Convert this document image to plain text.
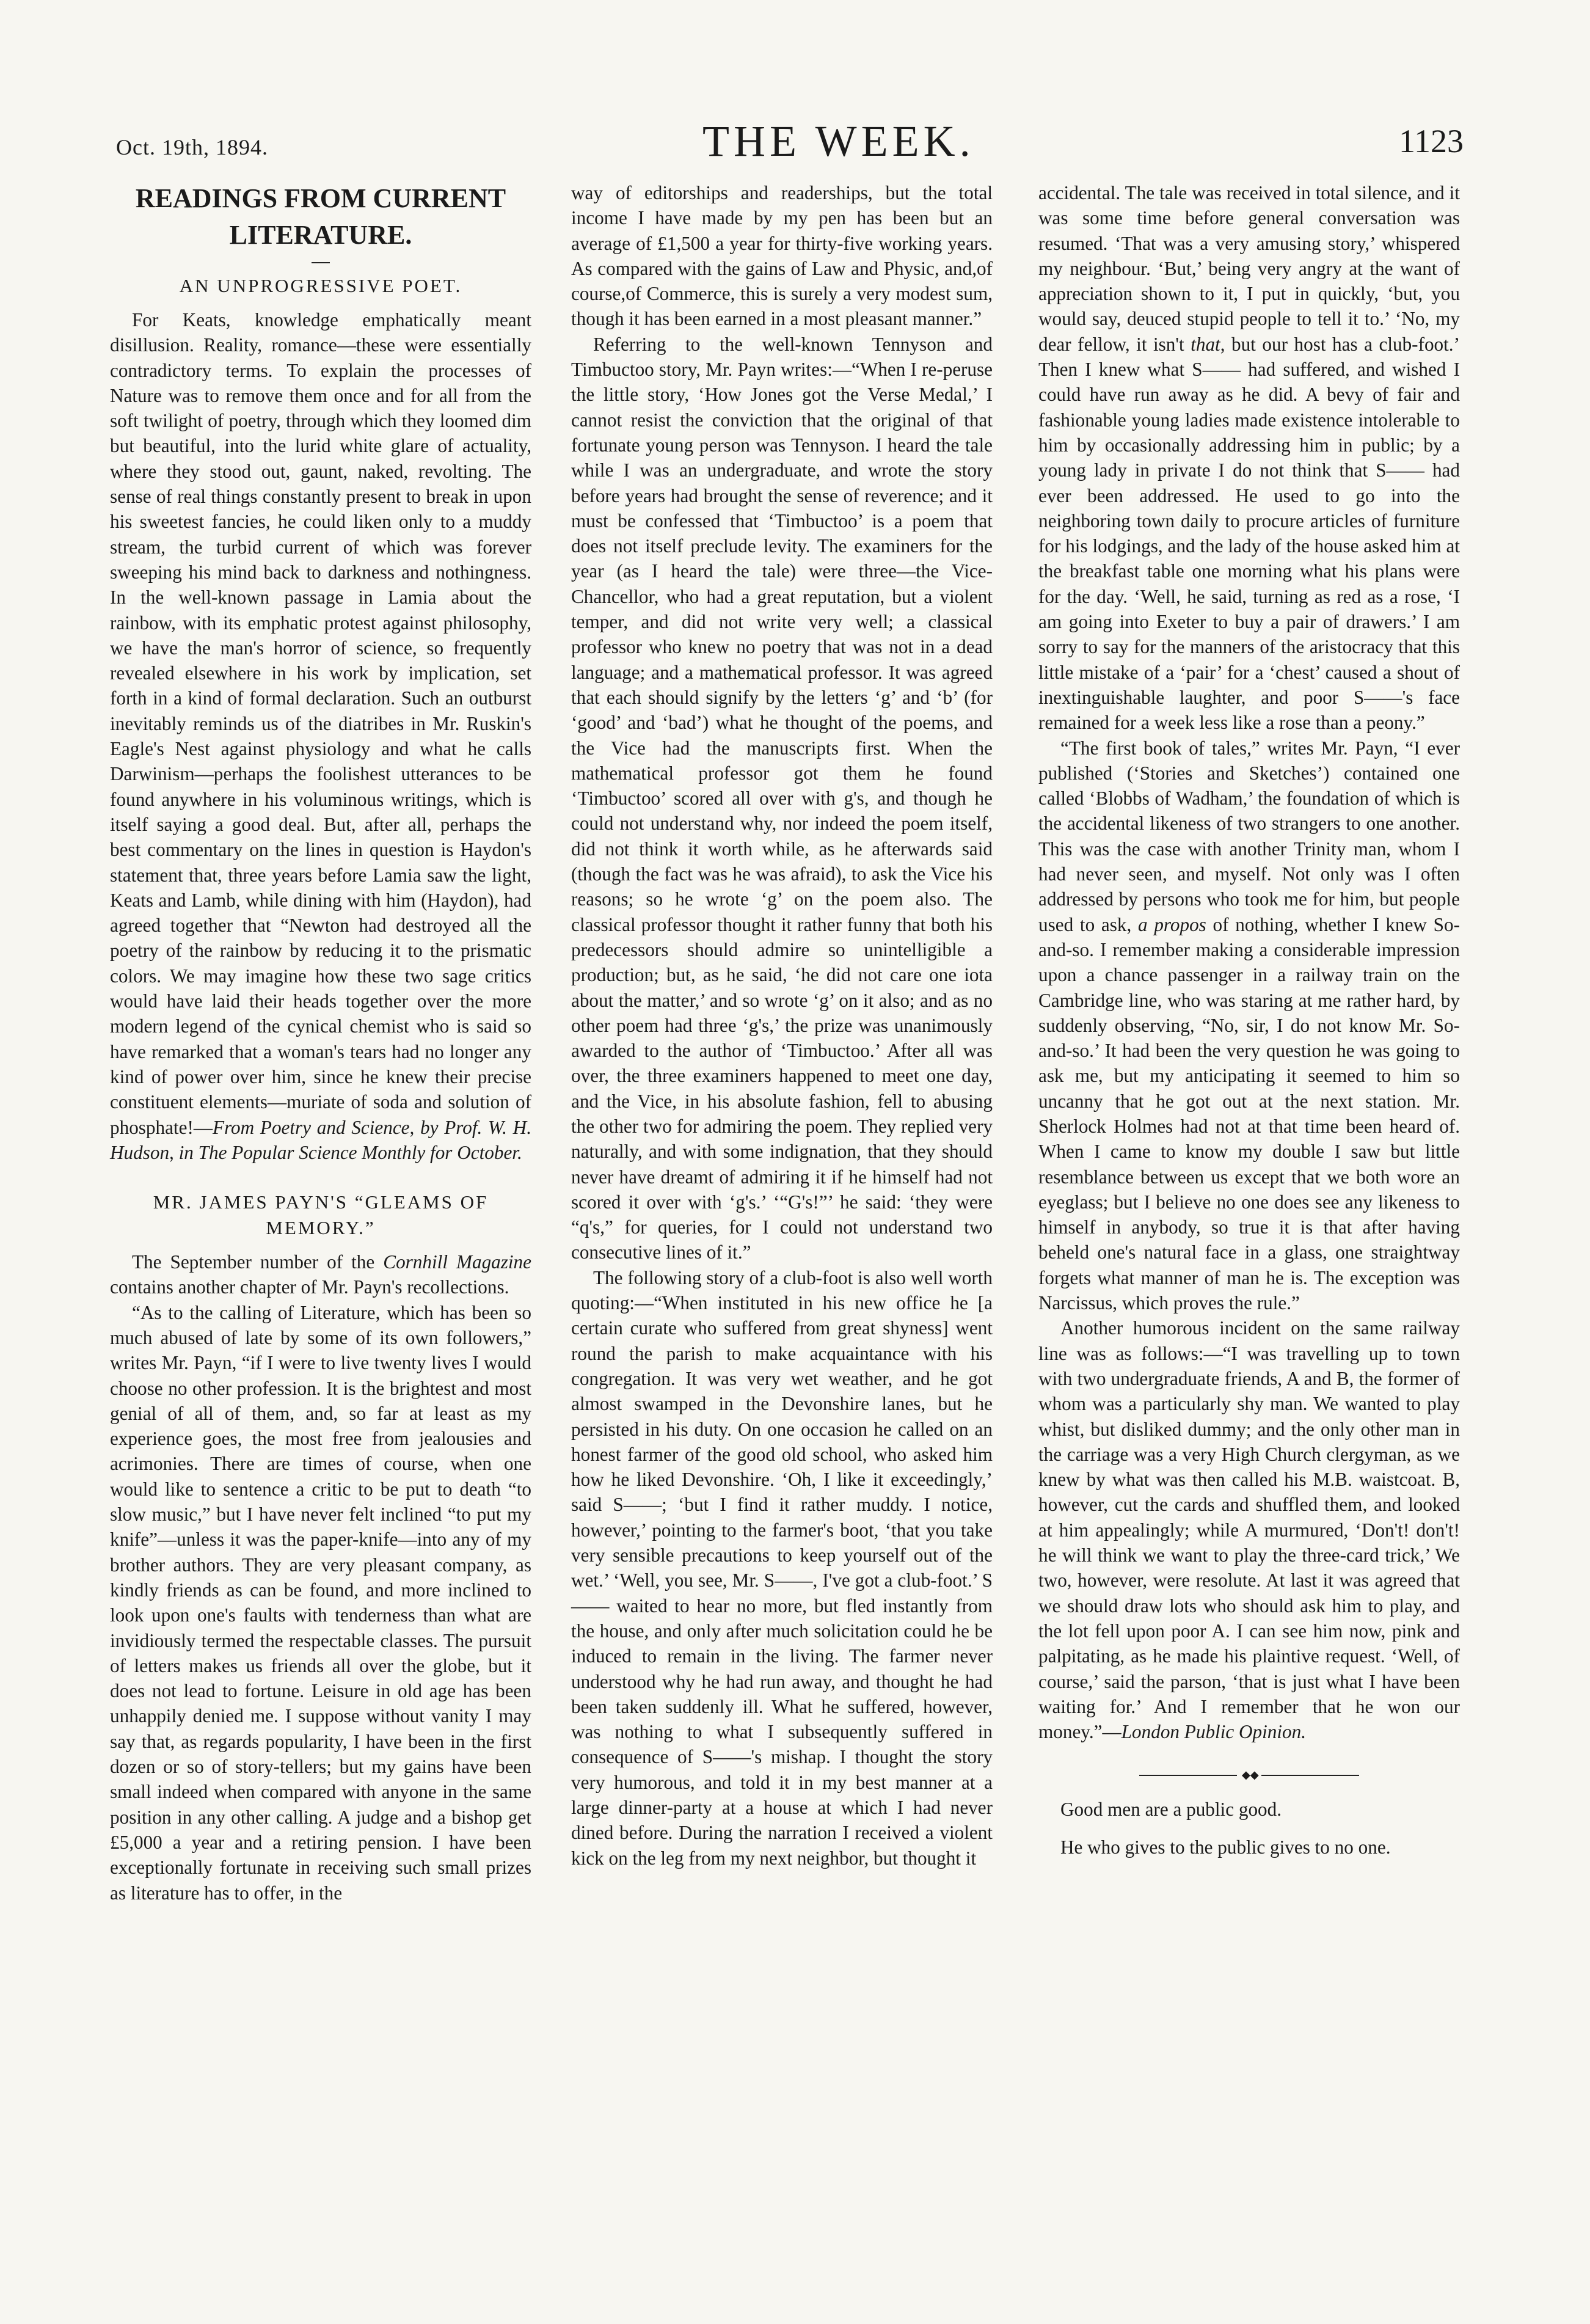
Oct. 19th, 1894.	THE WEEK.	1123
READINGS FROM CURRENT LITERATURE.
AN UNPROGRESSIVE POET.

For Keats, knowledge emphatically meant disillusion. Reality, romance—these were essentially contradictory terms. To explain the processes of Nature was to remove them once and for all from the soft twilight of poetry, through which they loomed dim but beautiful, into the lurid white glare of actuality, where they stood out, gaunt, naked, revolting. The sense of real things constantly present to break in upon his sweetest fancies, he could liken only to a muddy stream, the turbid current of which was forever sweeping his mind back to darkness and nothingness. In the well-known passage in Lamia about the rainbow, with its emphatic protest against philosophy, we have the man's horror of science, so frequently revealed elsewhere in his work by implication, set forth in a kind of formal declaration. Such an outburst inevitably reminds us of the diatribes in Mr. Ruskin's Eagle's Nest against physiology and what he calls Darwinism—perhaps the foolishest utterances to be found anywhere in his voluminous writings, which is itself saying a good deal. But, after all, perhaps the best commentary on the lines in question is Haydon's statement that, three years before Lamia saw the light, Keats and Lamb, while dining with him (Haydon), had agreed together that “Newton had destroyed all the poetry of the rainbow by reducing it to the prismatic colors. We may imagine how these two sage critics would have laid their heads together over the more modern legend of the cynical chemist who is said so have remarked that a woman's tears had no longer any kind of power over him, since he knew their precise constituent elements—muriate of soda and solution of phosphate!—From Poetry and Science, by Prof. W. H. Hudson, in The Popular Science Monthly for October.

MR. JAMES PAYN'S “GLEAMS OF MEMORY.”

The September number of the Cornhill Magazine contains another chapter of Mr. Payn's recollections.

“As to the calling of Literature, which has been so much abused of late by some of its own followers,” writes Mr. Payn, “if I were to live twenty lives I would choose no other profession. It is the brightest and most genial of all of them, and, so far at least as my experience goes, the most free from jealousies and acrimonies. There are times of course, when one would like to sentence a critic to be put to death “to slow music,” but I have never felt inclined “to put my knife”—unless it was the paper-knife—into any of my brother authors. They are very pleasant company, as kindly friends as can be found, and more inclined to look upon one's faults with tenderness than what are invidiously termed the respectable classes. The pursuit of letters makes us friends all over the globe, but it does not lead to fortune. Leisure in old age has been unhappily denied me. I suppose without vanity I may say that, as regards popularity, I have been in the first dozen or so of story-tellers; but my gains have been small indeed when compared with anyone in the same position in any other calling. A judge and a bishop get £5,000 a year and a retiring pension. I have been exceptionally fortunate in receiving such small prizes as literature has to offer, in the

way of editorships and readerships, but the total income I have made by my pen has been but an average of £1,500 a year for thirty-five working years. As compared with the gains of Law and Physic, and,of course,of Commerce, this is surely a very modest sum, though it has been earned in a most pleasant manner.”

Referring to the well-known Tennyson and Timbuctoo story, Mr. Payn writes:—“When I re-peruse the little story, ‘How Jones got the Verse Medal,’ I cannot resist the conviction that the original of that fortunate young person was Tennyson. I heard the tale while I was an undergraduate, and wrote the story before years had brought the sense of reverence; and it must be confessed that ‘Timbuctoo’ is a poem that does not itself preclude levity. The examiners for the year (as I heard the tale) were three—the Vice-Chancellor, who had a great reputation, but a violent temper, and did not write very well; a classical professor who knew no poetry that was not in a dead language; and a mathematical professor. It was agreed that each should signify by the letters ‘g’ and ‘b’ (for ‘good’ and ‘bad’) what he thought of the poems, and the Vice had the manuscripts first. When the mathematical professor got them he found ‘Timbuctoo’ scored all over with g's, and though he could not understand why, nor indeed the poem itself, did not think it worth while, as he afterwards said (though the fact was he was afraid), to ask the Vice his reasons; so he wrote ‘g’ on the poem also. The classical professor thought it rather funny that both his predecessors should admire so unintelligible a production; but, as he said, ‘he did not care one iota about the matter,’ and so wrote ‘g’ on it also; and as no other poem had three ‘g's,’ the prize was unanimously awarded to the author of ‘Timbuctoo.’ After all was over, the three examiners happened to meet one day, and the Vice, in his absolute fashion, fell to abusing the other two for admiring the poem. They replied very naturally, and with some indignation, that they should never have dreamt of admiring it if he himself had not scored it over with ‘g's.’ ‘“G's!”’ he said: ‘they were “q's,” for queries, for I could not understand two consecutive lines of it.”

The following story of a club-foot is also well worth quoting:—“When instituted in his new office he [a certain curate who suffered from great shyness] went round the parish to make acquaintance with his congregation. It was very wet weather, and he got almost swamped in the Devonshire lanes, but he persisted in his duty. On one occasion he called on an honest farmer of the good old school, who asked him how he liked Devonshire. ‘Oh, I like it exceedingly,’ said S——; ‘but I find it rather muddy. I notice, however,’ pointing to the farmer's boot, ‘that you take very sensible precautions to keep yourself out of the wet.’ ‘Well, you see, Mr. S——, I've got a club-foot.’ S—— waited to hear no more, but fled instantly from the house, and only after much solicitation could he be induced to remain in the living. The farmer never understood why he had run away, and thought he had been taken suddenly ill. What he suffered, however, was nothing to what I subsequently suffered in consequence of S——'s mishap. I thought the story very humorous, and told it in my best manner at a large dinner-party at a house at which I had never dined before. During the narration I received a violent kick on the leg from my next neighbor, but thought it

accidental. The tale was received in total silence, and it was some time before general conversation was resumed. ‘That was a very amusing story,’ whispered my neighbour. ‘But,’ being very angry at the want of appreciation shown to it, I put in quickly, ‘but, you would say, deuced stupid people to tell it to.’ ‘No, my dear fellow, it isn't that, but our host has a club-foot.’ Then I knew what S—— had suffered, and wished I could have run away as he did. A bevy of fair and fashionable young ladies made existence intolerable to him by occasionally addressing him in public; by a young lady in private I do not think that S—— had ever been addressed. He used to go into the neighboring town daily to procure articles of furniture for his lodgings, and the lady of the house asked him at the breakfast table one morning what his plans were for the day. ‘Well, he said, turning as red as a rose, ‘I am going into Exeter to buy a pair of drawers.’ I am sorry to say for the manners of the aristocracy that this little mistake of a ‘pair’ for a ‘chest’ caused a shout of inextinguishable laughter, and poor S——'s face remained for a week less like a rose than a peony.”

“The first book of tales,” writes Mr. Payn, “I ever published (‘Stories and Sketches’) contained one called ‘Blobbs of Wadham,’ the foundation of which is the accidental likeness of two strangers to one another. This was the case with another Trinity man, whom I had never seen, and myself. Not only was I often addressed by persons who took me for him, but people used to ask, a propos of nothing, whether I knew So-and-so. I remember making a considerable impression upon a chance passenger in a railway train on the Cambridge line, who was staring at me rather hard, by suddenly observing, “No, sir, I do not know Mr. So-and-so.’ It had been the very question he was going to ask me, but my anticipating it seemed to him so uncanny that he got out at the next station. Mr. Sherlock Holmes had not at that time been heard of. When I came to know my double I saw but little resemblance between us except that we both wore an eyeglass; but I believe no one does see any likeness to himself in anybody, so true it is that after having beheld one's natural face in a glass, one straightway forgets what manner of man he is. The exception was Narcissus, which proves the rule.”

Another humorous incident on the same railway line was as follows:—“I was travelling up to town with two undergraduate friends, A and B, the former of whom was a particularly shy man. We wanted to play whist, but disliked dummy; and the only other man in the carriage was a very High Church clergyman, as we knew by what was then called his M.B. waistcoat. B, however, cut the cards and shuffled them, and looked at him appealingly; while A murmured, ‘Don't! don't! he will think we want to play the three-card trick,’ We two, however, were resolute. At last it was agreed that we should draw lots who should ask him to play, and the lot fell upon poor A. I can see him now, pink and palpitating, as he made his plaintive request. ‘Well, of course,’ said the parson, ‘that is just what I have been waiting for.’ And I remember that he won our money.”—London Public Opinion.

◆◆

Good men are a public good.

He who gives to the public gives to no one.
